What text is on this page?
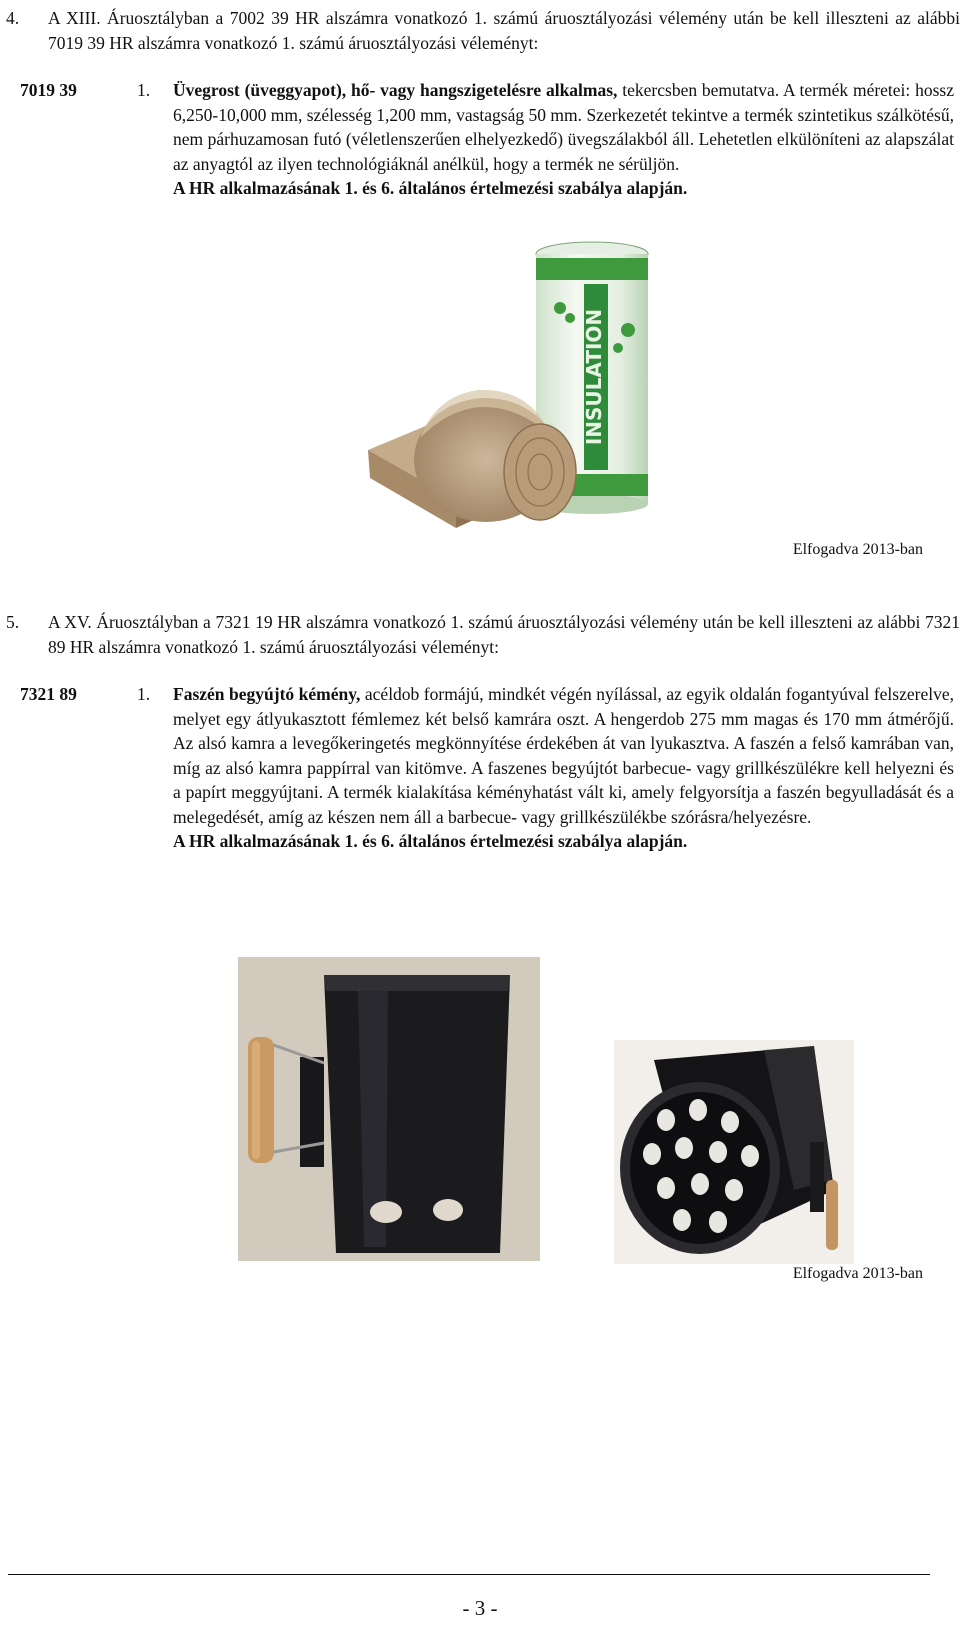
4. A XIII. Áruosztályban a 7002 39 HR alszámra vonatkozó 1. számú áruosztályozási vélemény után be kell illeszteni az alábbi 7019 39 HR alszámra vonatkozó 1. számú áruosztályozási véleményt:
7019 39	1. Üvegrost (üveggyapot), hő- vagy hangszigetelésre alkalmas, tekercsben bemutatva. A termék méretei: hossz 6,250-10,000 mm, szélesség 1,200 mm, vastagság 50 mm. Szerkezetét tekintve a termék szintetikus szálkötésű, nem párhuzamosan futó (véletlenszerűen elhelyezkedő) üvegszálakból áll. Lehetetlen elkülöníteni az alapszálat az anyagtól az ilyen technológiáknál anélkül, hogy a termék ne sérüljön.
A HR alkalmazásának 1. és 6. általános értelmezési szabálya alapján.
INSULATION
Elfogadva 2013-ban
5. A XV. Áruosztályban a 7321 19 HR alszámra vonatkozó 1. számú áruosztályozási vélemény után be kell illeszteni az alábbi 7321 89 HR alszámra vonatkozó 1. számú áruosztályozási véleményt:
7321 89	1. Faszén begyújtó kémény, acéldob formájú, mindkét végén nyílással, az egyik oldalán fogantyúval felszerelve, melyet egy átlyukasztott fémlemez két belső kamrára oszt. A hengerdob 275 mm magas és 170 mm átmérőjű. Az alsó kamra a levegőkeringetés megkönnyítése érdekében át van lyukasztva. A faszén a felső kamrában van, míg az alsó kamra pappírral van kitömve. A faszenes begyújtót barbecue- vagy grillkészülékre kell helyezni és a papírt meggyújtani. A termék kialakítása kéményhatást vált ki, amely felgyorsítja a faszén begyulladását és a melegedését, amíg az készen nem áll a barbecue- vagy grillkészülékbe szórásra/helyezésre.
A HR alkalmazásának 1. és 6. általános értelmezési szabálya alapján.
Elfogadva 2013-ban
- 3 -
